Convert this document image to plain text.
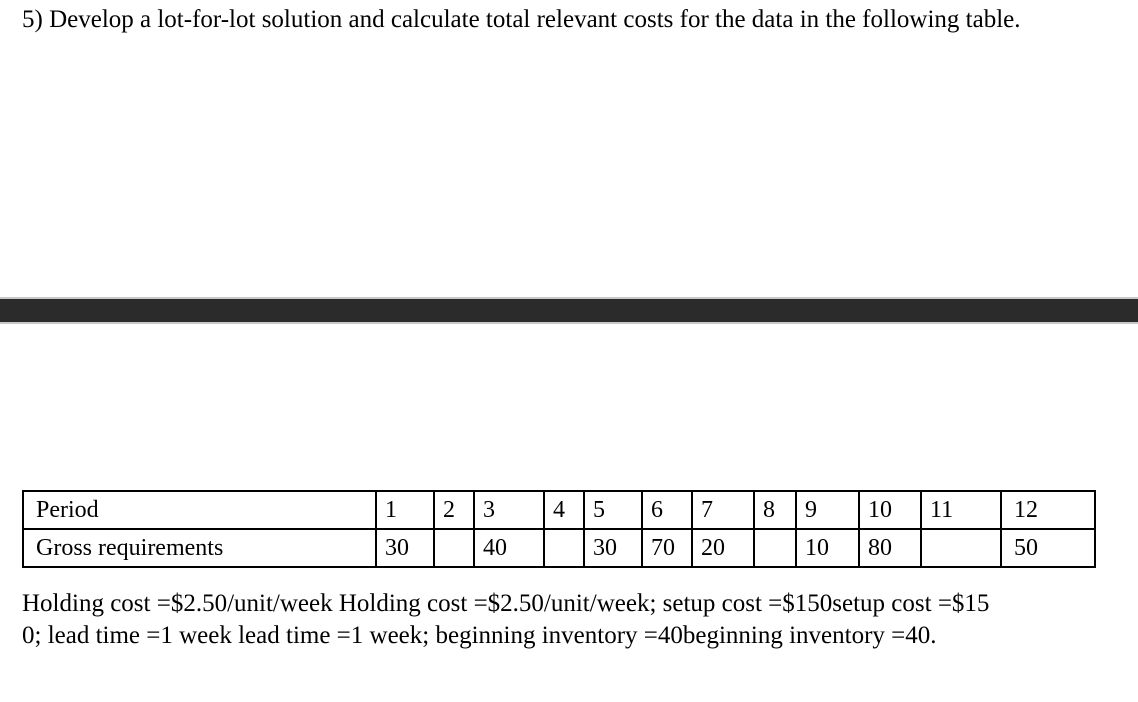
5) Develop a lot-for-lot solution and calculate total relevant costs for the data in the following table.

Period	1	2	3	4	5	6	7	8	9	10	11	12
Gross requirements	30		40		30	70	20		10	80		50
Holding cost =$2.50/unit/week Holding cost =$2.50/unit/week; setup cost =$150setup cost =$15
0; lead time =1 week lead time =1 week; beginning inventory =40beginning inventory =40.
